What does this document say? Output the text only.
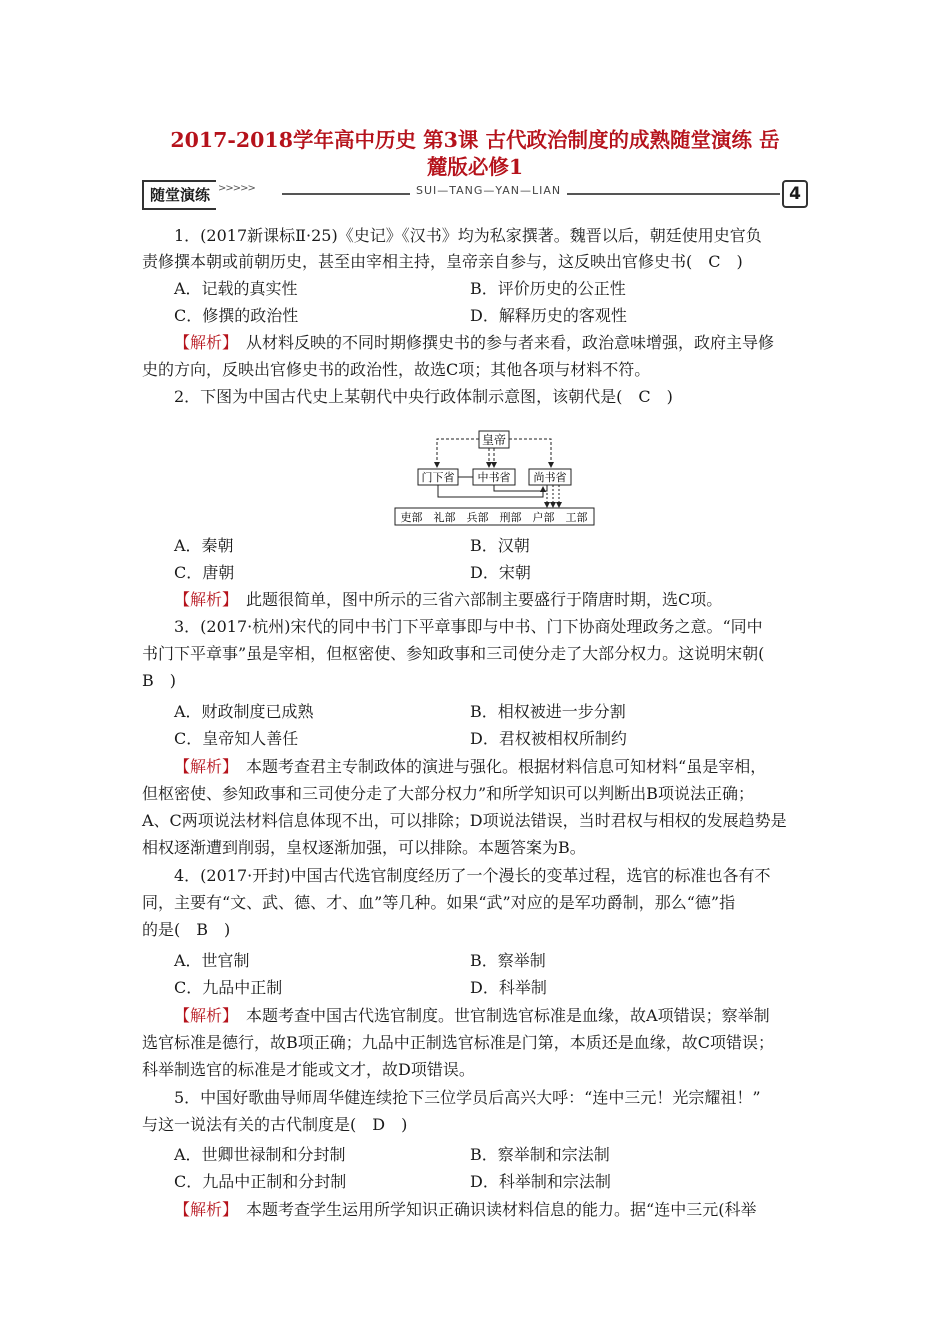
2017-2018学年高中历史 第3课 古代政治制度的成熟随堂演练 岳
麓版必修1
随堂演练 >>>>>	SUI—TANG—YAN—LIAN	4
1．(2017新课标Ⅱ·25)《史记》《汉书》均为私家撰著。魏晋以后，朝廷使用史官负
责修撰本朝或前朝历史，甚至由宰相主持，皇帝亲自参与，这反映出官修史书(　C　)
A．记载的真实性	B．评价历史的公正性
C．修撰的政治性	D．解释历史的客观性
【解析】　从材料反映的不同时期修撰史书的参与者来看，政治意味增强，政府主导修
史的方向，反映出官修史书的政治性，故选C项；其他各项与材料不符。
2．下图为中国古代史上某朝代中央行政体制示意图，该朝代是(　C　)
皇帝
门下省 中书省 尚书省
吏部　礼部　兵部　刑部　户部　工部
A．秦朝	B．汉朝
C．唐朝	D．宋朝
【解析】　此题很简单，图中所示的三省六部制主要盛行于隋唐时期，选C项。
3．(2017·杭州)宋代的同中书门下平章事即与中书、门下协商处理政务之意。“同中
书门下平章事”虽是宰相，但枢密使、参知政事和三司使分走了大部分权力。这说明宋朝(
B　)
A．财政制度已成熟	B．相权被进一步分割
C．皇帝知人善任	D．君权被相权所制约
【解析】　本题考查君主专制政体的演进与强化。根据材料信息可知材料“虽是宰相，
但枢密使、参知政事和三司使分走了大部分权力”和所学知识可以判断出B项说法正确；
A、C两项说法材料信息体现不出，可以排除；D项说法错误，当时君权与相权的发展趋势是
相权逐渐遭到削弱，皇权逐渐加强，可以排除。本题答案为B。
4．(2017·开封)中国古代选官制度经历了一个漫长的变革过程，选官的标准也各有不
同，主要有“文、武、德、才、血”等几种。如果“武”对应的是军功爵制，那么“德”指
的是(　B　)
A．世官制	B．察举制
C．九品中正制	D．科举制
【解析】　本题考查中国古代选官制度。世官制选官标准是血缘，故A项错误；察举制
选官标准是德行，故B项正确；九品中正制选官标准是门第，本质还是血缘，故C项错误；
科举制选官的标准是才能或文才，故D项错误。
5．中国好歌曲导师周华健连续抢下三位学员后高兴大呼：“连中三元！光宗耀祖！”
与这一说法有关的古代制度是(　D　)
A．世卿世禄制和分封制	B．察举制和宗法制
C．九品中正制和分封制	D．科举制和宗法制
【解析】　本题考查学生运用所学知识正确识读材料信息的能力。据“连中三元(科举
